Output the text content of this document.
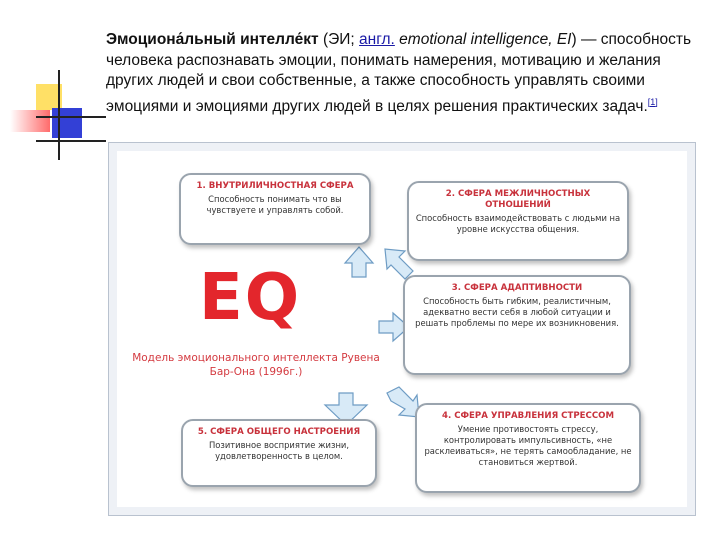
Эмоциона́льный интелле́кт (ЭИ; англ. emotional intelligence, EI) — способность человека распознавать эмоции, понимать намерения, мотивацию и желания других людей и свои собственные, а также способность управлять своими эмоциями и эмоциями других людей в целях решения практических задач.[1]
1. ВНУТРИЛИЧНОСТНАЯ СФЕРА
Способность понимать что вы чувствуете и управлять собой.
2. СФЕРА МЕЖЛИЧНОСТНЫХ ОТНОШЕНИЙ
Способность взаимодействовать с людьми на уровне искусства общения.
EQ
Модель эмоционального интеллекта Рувена Бар-Она (1996г.)
3. СФЕРА АДАПТИВНОСТИ
Способность быть гибким, реалистичным, адекватно вести себя в любой ситуации и решать проблемы по мере их возникновения.
5. СФЕРА ОБЩЕГО НАСТРОЕНИЯ
Позитивное восприятие жизни, удовлетворенность в целом.
4. СФЕРА УПРАВЛЕНИЯ СТРЕССОМ
Умение противостоять стрессу, контролировать импульсивность, «не расклеиваться», не терять самообладание, не становиться жертвой.
